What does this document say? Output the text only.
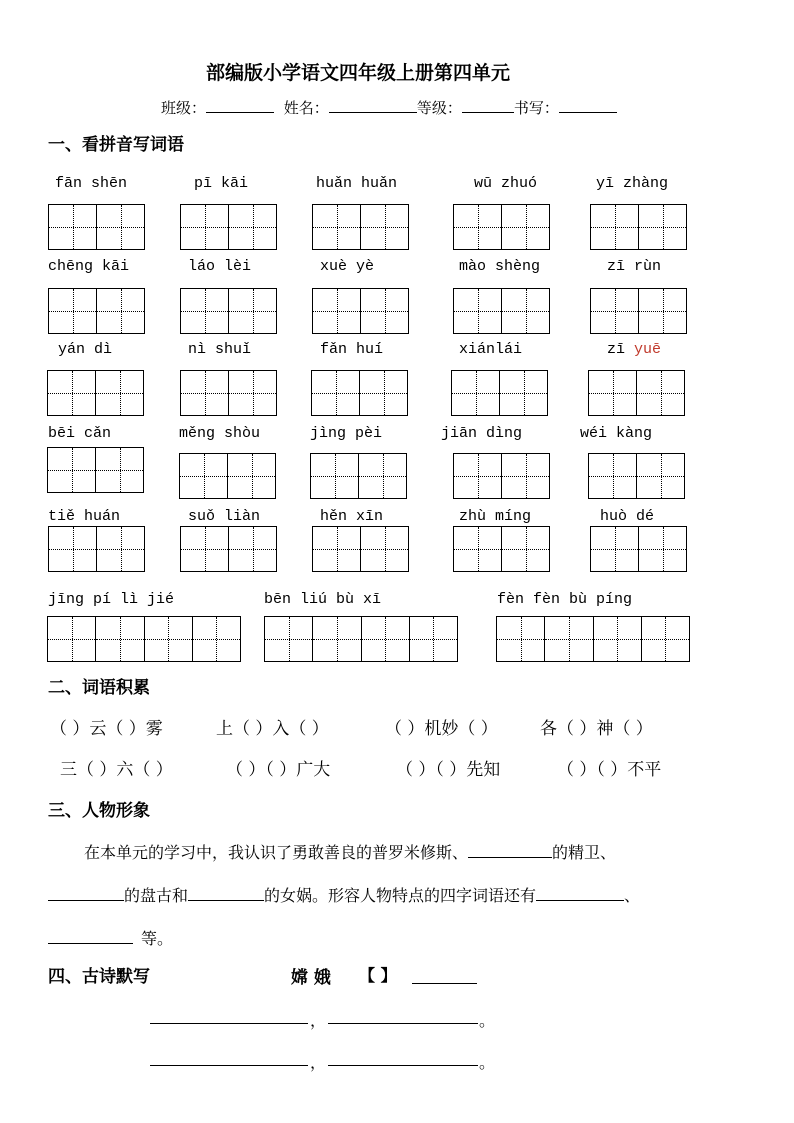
部编版小学语文四年级上册第四单元
班级：	姓名：	等级：	书写：
一、看拼音写词语
fān shēn	pī kāi	huǎn huǎn	wū zhuó	yī zhàng
chēng kāi	láo lèi	xuè yè	mào shèng	zī rùn
yán dì	nì shuǐ	fǎn huí	xiánlái	zī yuē
bēi cǎn	měng shòu	jìng pèi	jiān dìng	wéi kàng
tiě huán	suǒ liàn	hěn xīn	zhù míng	huò dé
jīng pí lì jié	bēn liú bù xī	fèn fèn bù píng
二、词语积累
（ ）云（ ）雾	上（ ）入（ ）	（ ）机妙（ ） 各（ ）神（ ）
三（ ）六（ ）	（ ）（ ）广大	（ ）（ ）先知	（ ）（ ）不平
三、人物形象
在本单元的学习中，我认识了勇敢善良的普罗米修斯、	的精卫、
的盘古和	的女娲。形容人物特点的四字词语还有	、
等。
四、古诗默写	嫦 娥 【 】
，	。
，	。
